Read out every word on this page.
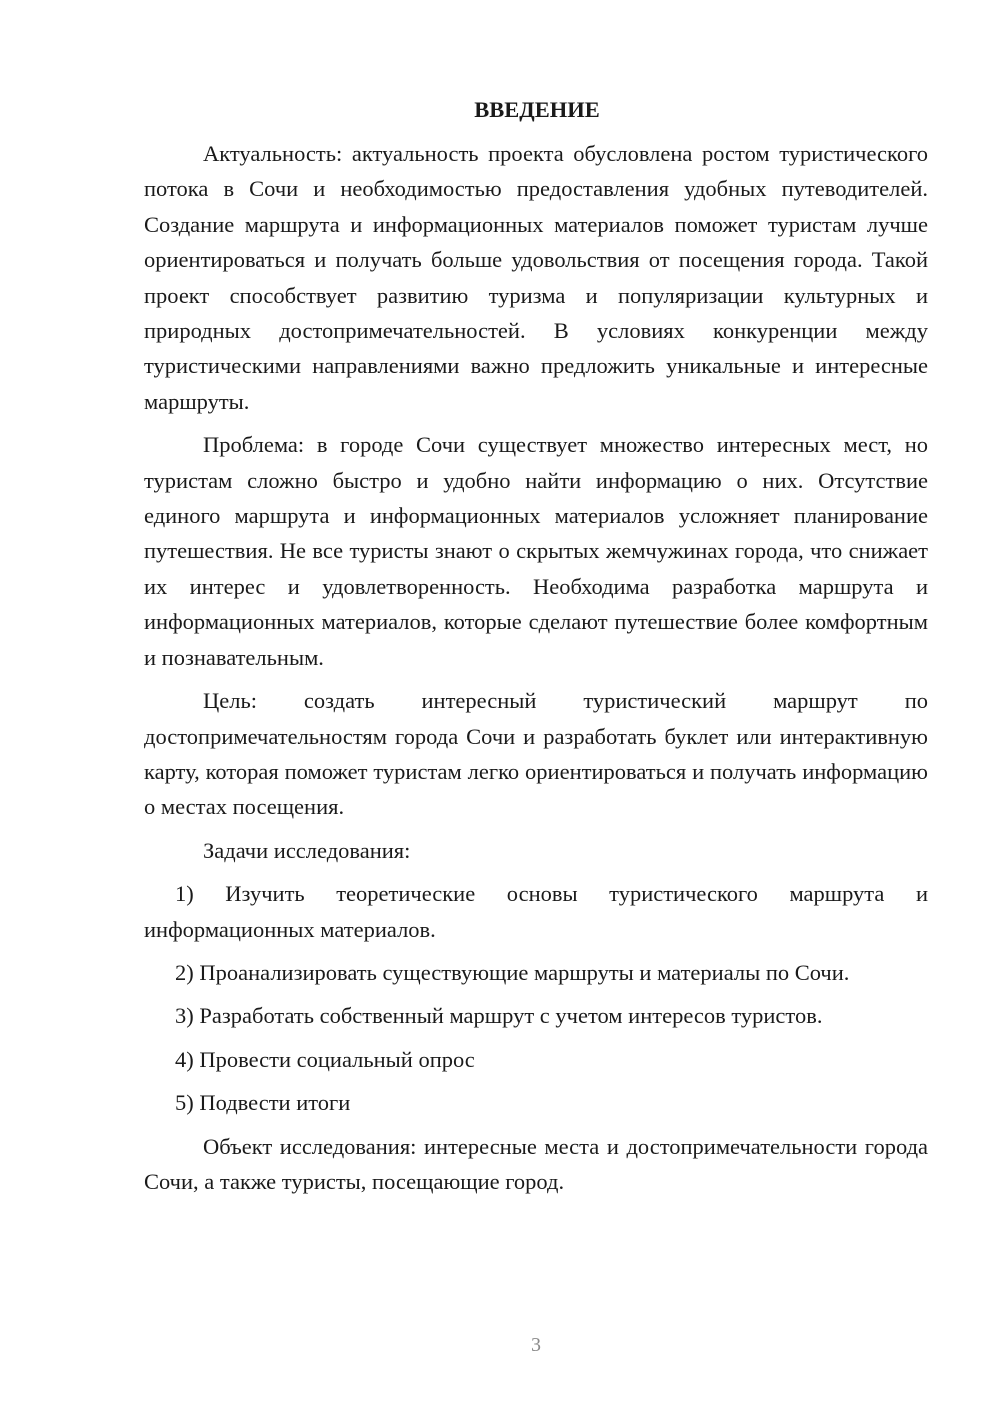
ВВЕДЕНИЕ

Актуальность: актуальность проекта обусловлена ростом туристического потока в Сочи и необходимостью предоставления удобных путеводителей. Создание маршрута и информационных материалов поможет туристам лучше ориентироваться и получать больше удовольствия от посещения города. Такой проект способствует развитию туризма и популяризации культурных и природных достопримечательностей. В условиях конкуренции между туристическими направлениями важно предложить уникальные и интересные маршруты.

Проблема: в городе Сочи существует множество интересных мест, но туристам сложно быстро и удобно найти информацию о них. Отсутствие единого маршрута и информационных материалов усложняет планирование путешествия. Не все туристы знают о скрытых жемчужинах города, что снижает их интерес и удовлетворенность. Необходима разработка маршрута и информационных материалов, которые сделают путешествие более комфортным и познавательным.

Цель: создать интересный туристический маршрут по достопримечательностям города Сочи и разработать буклет или интерактивную карту, которая поможет туристам легко ориентироваться и получать информацию о местах посещения.

Задачи исследования:

1) Изучить теоретические основы туристического маршрута и информационных материалов.

2) Проанализировать существующие маршруты и материалы по Сочи.

3) Разработать собственный маршрут с учетом интересов туристов.

4) Провести социальный опрос

5) Подвести итоги

Объект исследования: интересные места и достопримечательности города Сочи, а также туристы, посещающие город.

3
